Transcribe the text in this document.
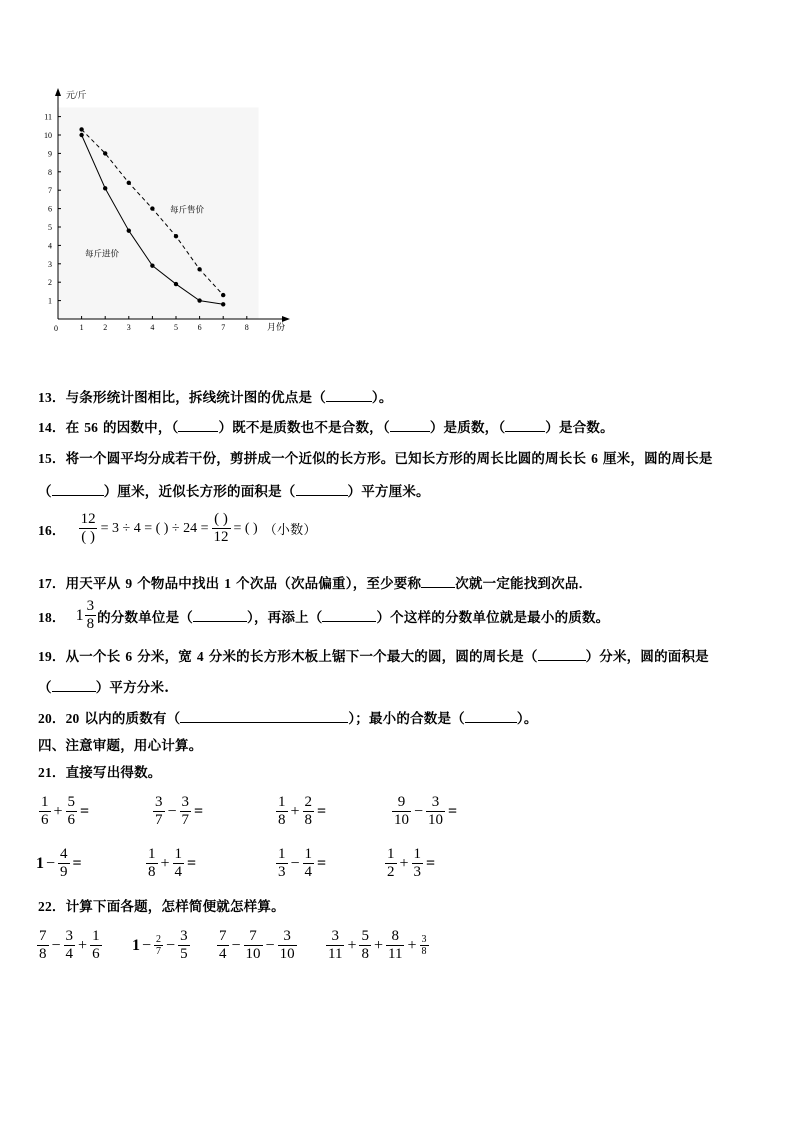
1 2 3 4 5 6 7 8
1
2
3
4
5
6
7
8
9
10
11
元/斤
月份
0
每斤售价
每斤进价
13．与条形统计图相比，拆线统计图的优点是（	）。
14．在 56 的因数中，（	）既不是质数也不是合数，（	）是质数，（	）是合数。
15．将一个圆平均分成若干份，剪拼成一个近似的长方形。已知长方形的周长比圆的周长长 6 厘米，圆的周长是
（	）厘米，近似长方形的面积是（	）平方厘米。
16． $\frac{12}{( )} = 3 \div 4$ = ( ) ÷ $24 = \frac{( )}{12}$ = ( ) （小数）
17．用天平从 9 个物品中找出 1 个次品（次品偏重），至少要称	次就一定能找到次品．
18． $1 \frac{3}{8}$ 的分数单位是（	），再添上（	）个这样的分数单位就是最小的质数。
19．从一个长 6 分米，宽 4 分米的长方形木板上锯下一个最大的圆，圆的周长是（	）分米，圆的面积是
（	）平方分米.
20．20 以内的质数有（	）；最小的合数是（	）。
四、注意审题，用心计算。
21．直接写出得数。
$\frac{1}{6} + \frac{5}{6}$ =	$\frac{3}{7} - \frac{3}{7}$ =	$\frac{1}{8} + \frac{2}{8}$ =	$\frac{9}{10} - \frac{3}{10}$ =
$1 - \frac{4}{9}$ =	$\frac{1}{8} + \frac{1}{4}$ =	$\frac{1}{3} - \frac{1}{4}$ =	$\frac{1}{2} + \frac{1}{3}$ =
22．计算下面各题，怎样简便就怎样算。
$\frac{7}{8} - \frac{3}{4} + \frac{1}{6} 1 - \frac{2}{7} - \frac{3}{5} \frac{7}{4} - \frac{7}{10} - \frac{3}{10} \frac{3}{11} + \frac{5}{8} + \frac{8}{11} + \frac{3}{8}$
